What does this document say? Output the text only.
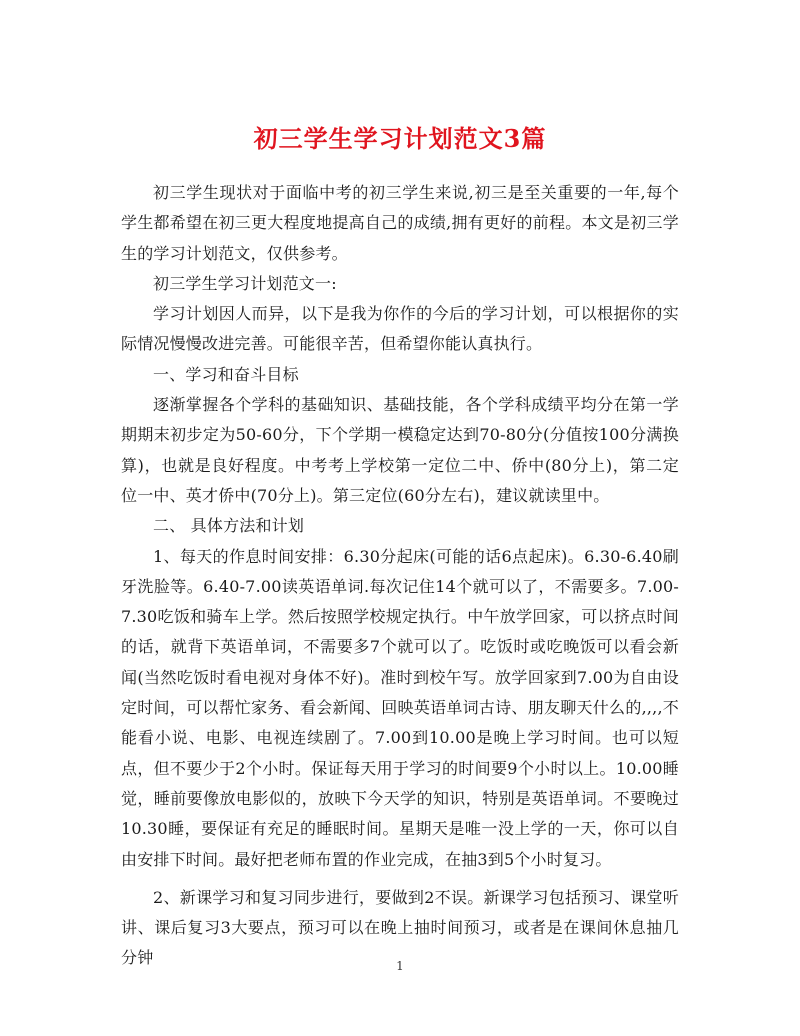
初三学生学习计划范文3篇

初三学生现状对于面临中考的初三学生来说,初三是至关重要的一年,每个学生都希望在初三更大程度地提高自己的成绩,拥有更好的前程。本文是初三学生的学习计划范文，仅供参考。

初三学生学习计划范文一:

学习计划因人而异，以下是我为你作的今后的学习计划，可以根据你的实际情况慢慢改进完善。可能很辛苦，但希望你能认真执行。

一、学习和奋斗目标

逐渐掌握各个学科的基础知识、基础技能，各个学科成绩平均分在第一学期期末初步定为50-60分，下个学期一模稳定达到70-80分(分值按100分满换算)，也就是良好程度。中考考上学校第一定位二中、侨中(80分上)，第二定位一中、英才侨中(70分上)。第三定位(60分左右)，建议就读里中。

二、 具体方法和计划

1、每天的作息时间安排：6.30分起床(可能的话6点起床)。6.30-6.40刷牙洗脸等。6.40-7.00读英语单词.每次记住14个就可以了，不需要多。7.00-7.30吃饭和骑车上学。然后按照学校规定执行。中午放学回家，可以挤点时间的话，就背下英语单词，不需要多7个就可以了。吃饭时或吃晚饭可以看会新闻(当然吃饭时看电视对身体不好)。准时到校午写。放学回家到7.00为自由设定时间，可以帮忙家务、看会新闻、回映英语单词古诗、朋友聊天什么的,,,,不能看小说、电影、电视连续剧了。7.00到10.00是晚上学习时间。也可以短点，但不要少于2个小时。保证每天用于学习的时间要9个小时以上。10.00睡觉，睡前要像放电影似的，放映下今天学的知识，特别是英语单词。不要晚过10.30睡，要保证有充足的睡眠时间。星期天是唯一没上学的一天，你可以自由安排下时间。最好把老师布置的作业完成，在抽3到5个小时复习。

2、新课学习和复习同步进行，要做到2不误。新课学习包括预习、课堂听讲、课后复习3大要点，预习可以在晚上抽时间预习，或者是在课间休息抽几分钟	1
